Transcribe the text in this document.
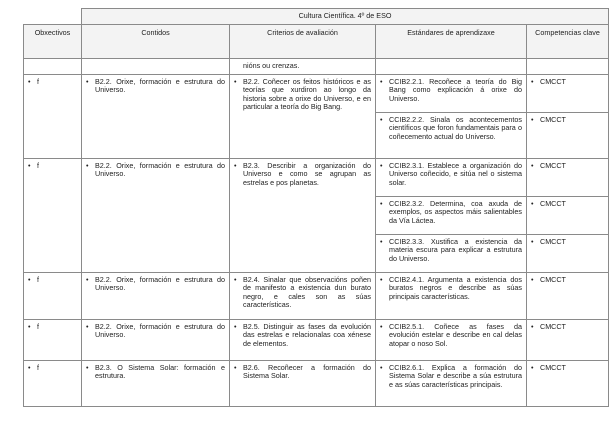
	Cultura Científica. 4º de ESO			
Obxectivos	Contidos	Criterios de avaliación	Estándares de aprendizaxe	Competencias clave

		nións ou crenzas.		

• f	• B2.2. Orixe, formación e estrutura do Universo.	• B2.2. Coñecer os feitos históricos e as teorías que xurdiron ao longo da historia sobre a orixe do Universo, e en particular a teoría do Big Bang.	• CCIB2.2.1. Recoñece a teoría do Big Bang como explicación á orixe do Universo.	• CMCCT

			• CCIB2.2.2. Sinala os acontecementos científicos que foron fundamentais para o coñecemento actual do Universo.	• CMCCT

• f	• B2.2. Orixe, formación e estrutura do Universo.	• B2.3. Describir a organización do Universo e como se agrupan as estrelas e pos planetas.	• CCIB2.3.1. Establece a organización do Universo coñecido, e sitúa nel o sistema solar.	• CMCCT

			• CCIB2.3.2. Determina, coa axuda de exemplos, os aspectos máis salientables da Vía Láctea.	• CMCCT

			• CCIB2.3.3. Xustifica a existencia da materia escura para explicar a estrutura do Universo.	• CMCCT

• f	• B2.2. Orixe, formación e estrutura do Universo.	• B2.4. Sinalar que observacións poñen de manifesto a existencia dun burato negro, e cales son as súas características.	• CCIB2.4.1. Argumenta a existencia dos buratos negros e describe as súas principais características.	• CMCCT

• f	• B2.2. Orixe, formación e estrutura do Universo.	• B2.5. Distinguir as fases da evolución das estrelas e relacionalas coa xénese de elementos.	• CCIB2.5.1. Coñece as fases da evolución estelar e describe en cal delas atopar o noso Sol.	• CMCCT

• f	• B2.3. O Sistema Solar: formación e estrutura.	• B2.6. Recoñecer a formación do Sistema Solar.	• CCIB2.6.1. Explica a formación do Sistema Solar e describe a súa estrutura e as súas características principais.	• CMCCT
